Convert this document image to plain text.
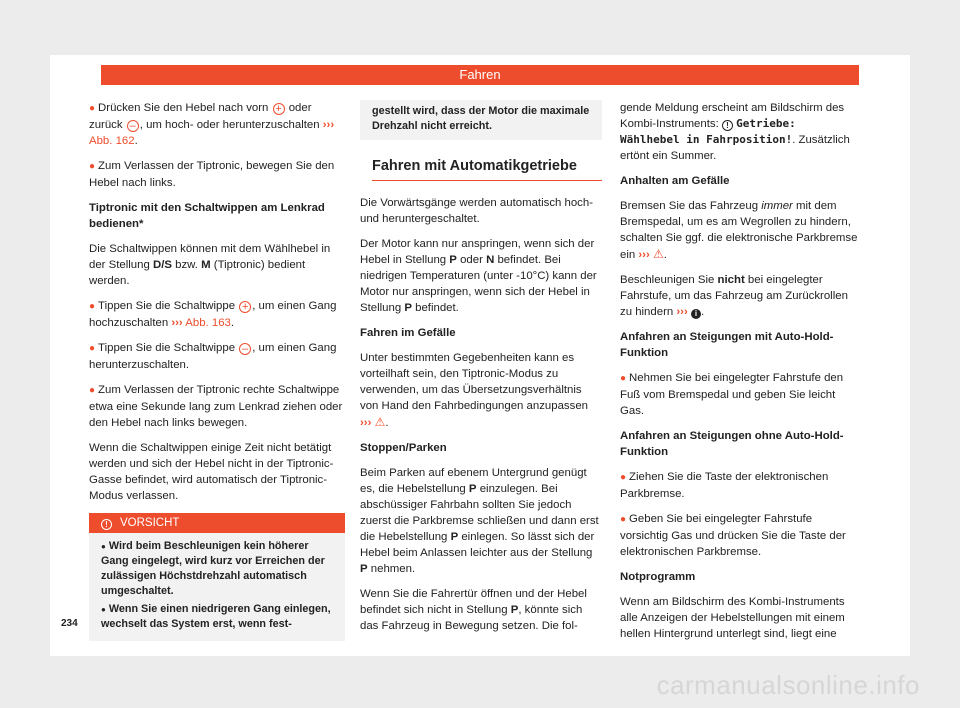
Fahren

● Drücken Sie den Hebel nach vorn + oder zurück – , um hoch- oder herunterzuschalten ››› Abb. 162.

● Zum Verlassen der Tiptronic, bewegen Sie den Hebel nach links.

Tiptronic mit den Schaltwippen am Lenkrad bedienen*

Die Schaltwippen können mit dem Wählhebel in der Stellung D/S bzw. M (Tiptronic) bedient werden.

● Tippen Sie die Schaltwippe + , um einen Gang hochzuschalten ››› Abb. 163.

● Tippen Sie die Schaltwippe – , um einen Gang herunterzuschalten.

● Zum Verlassen der Tiptronic rechte Schaltwippe etwa eine Sekunde lang zum Lenkrad ziehen oder den Hebel nach links bewegen.

Wenn die Schaltwippen einige Zeit nicht betätigt werden und sich der Hebel nicht in der Tiptronic-Gasse befindet, wird automatisch der Tiptronic-Modus verlassen.

! VORSICHT

● Wird beim Beschleunigen kein höherer Gang eingelegt, wird kurz vor Erreichen der zulässigen Höchstdrehzahl automatisch umgeschaltet.

● Wenn Sie einen niedrigeren Gang einlegen, wechselt das System erst, wenn fest-

gestellt wird, dass der Motor die maximale Drehzahl nicht erreicht.
Fahren mit Automatikgetriebe

Die Vorwärtsgänge werden automatisch hoch- und heruntergeschaltet.

Der Motor kann nur anspringen, wenn sich der Hebel in Stellung P oder N befindet. Bei niedrigen Temperaturen (unter -10°C) kann der Motor nur anspringen, wenn sich der Hebel in Stellung P befindet.

Fahren im Gefälle

Unter bestimmten Gegebenheiten kann es vorteilhaft sein, den Tiptronic-Modus zu verwenden, um das Übersetzungsverhältnis von Hand den Fahrbedingungen anzupassen ››› ⚠.

Stoppen/Parken

Beim Parken auf ebenem Untergrund genügt es, die Hebelstellung P einzulegen. Bei abschüssiger Fahrbahn sollten Sie jedoch zuerst die Parkbremse schließen und dann erst die Hebelstellung P einlegen. So lässt sich der Hebel beim Anlassen leichter aus der Stellung P nehmen.

Wenn Sie die Fahrertür öffnen und der Hebel befindet sich nicht in Stellung P, könnte sich das Fahrzeug in Bewegung setzen. Die fol-

gende Meldung erscheint am Bildschirm des Kombi-Instruments: ! Getriebe: Wählhebel in Fahrposition!. Zusätzlich ertönt ein Summer.

Anhalten am Gefälle

Bremsen Sie das Fahrzeug immer mit dem Bremspedal, um es am Wegrollen zu hindern, schalten Sie ggf. die elektronische Parkbremse ein ››› ⚠.

Beschleunigen Sie nicht bei eingelegter Fahrstufe, um das Fahrzeug am Zurückrollen zu hindern ››› i .

Anfahren an Steigungen mit Auto-Hold-Funktion

● Nehmen Sie bei eingelegter Fahrstufe den Fuß vom Bremspedal und geben Sie leicht Gas.

Anfahren an Steigungen ohne Auto-Hold-Funktion

● Ziehen Sie die Taste der elektronischen Parkbremse.

● Geben Sie bei eingelegter Fahrstufe vorsichtig Gas und drücken Sie die Taste der elektronischen Parkbremse.

Notprogramm

Wenn am Bildschirm des Kombi-Instruments alle Anzeigen der Hebelstellungen mit einem hellen Hintergrund unterlegt sind, liegt eine

234
carmanualsonline.info
